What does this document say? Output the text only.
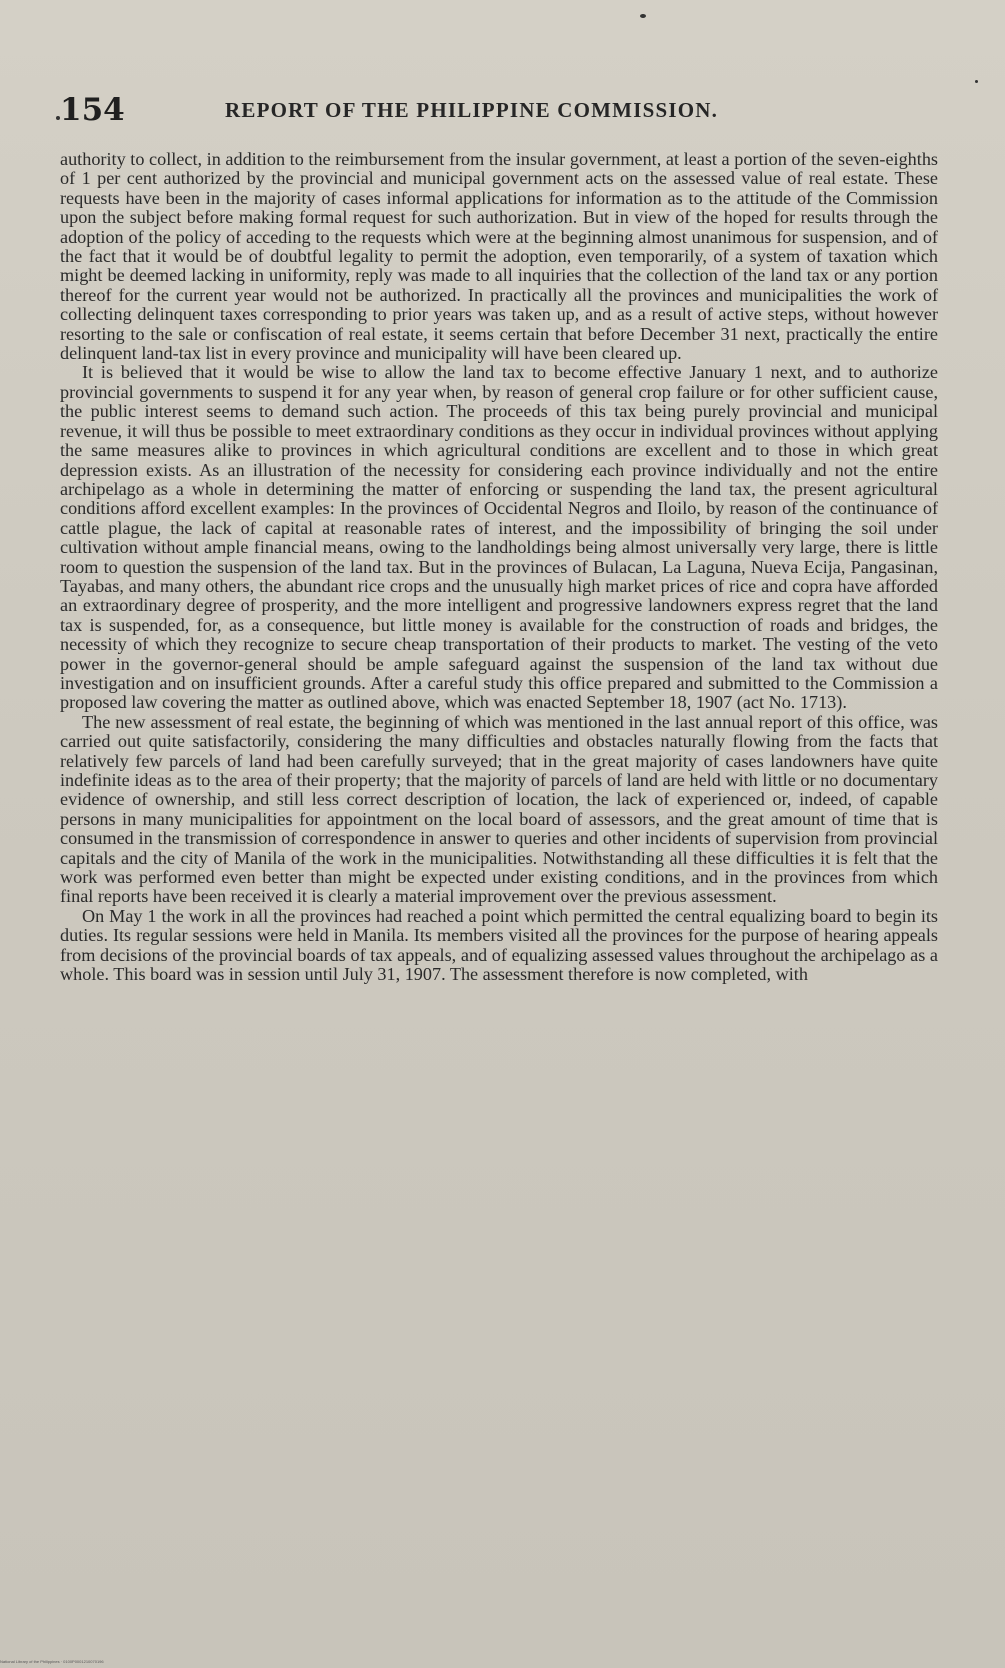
154	REPORT OF THE PHILIPPINE COMMISSION.

authority to collect, in addition to the reimbursement from the insular government, at least a portion of the seven-eighths of 1 per cent authorized by the provincial and municipal government acts on the assessed value of real estate. These requests have been in the majority of cases informal applications for information as to the attitude of the Commission upon the subject before making formal request for such authorization. But in view of the hoped for results through the adoption of the policy of acceding to the requests which were at the beginning almost unanimous for suspension, and of the fact that it would be of doubtful legality to permit the adoption, even temporarily, of a system of taxation which might be deemed lacking in uniformity, reply was made to all inquiries that the collection of the land tax or any portion thereof for the current year would not be authorized. In practically all the provinces and municipalities the work of collecting delinquent taxes corresponding to prior years was taken up, and as a result of active steps, without however resorting to the sale or confiscation of real estate, it seems certain that before December 31 next, practically the entire delinquent land-tax list in every province and municipality will have been cleared up.

It is believed that it would be wise to allow the land tax to become effective January 1 next, and to authorize provincial governments to suspend it for any year when, by reason of general crop failure or for other sufficient cause, the public interest seems to demand such action. The proceeds of this tax being purely provincial and municipal revenue, it will thus be possible to meet extraordinary conditions as they occur in individual provinces without applying the same measures alike to provinces in which agricultural conditions are excellent and to those in which great depression exists. As an illustration of the necessity for considering each province individually and not the entire archipelago as a whole in determining the matter of enforcing or suspending the land tax, the present agricultural conditions afford excellent examples: In the provinces of Occidental Negros and Iloilo, by reason of the continuance of cattle plague, the lack of capital at reasonable rates of interest, and the impossibility of bringing the soil under cultivation without ample financial means, owing to the landholdings being almost universally very large, there is little room to question the suspension of the land tax. But in the provinces of Bulacan, La Laguna, Nueva Ecija, Pangasinan, Tayabas, and many others, the abundant rice crops and the unusually high market prices of rice and copra have afforded an extraordinary degree of prosperity, and the more intelligent and progressive landowners express regret that the land tax is suspended, for, as a consequence, but little money is available for the construction of roads and bridges, the necessity of which they recognize to secure cheap transportation of their products to market. The vesting of the veto power in the governor-general should be ample safeguard against the suspension of the land tax without due investigation and on insufficient grounds. After a careful study this office prepared and submitted to the Commission a proposed law covering the matter as outlined above, which was enacted September 18, 1907 (act No. 1713).

The new assessment of real estate, the beginning of which was mentioned in the last annual report of this office, was carried out quite satisfactorily, considering the many difficulties and obstacles naturally flowing from the facts that relatively few parcels of land had been carefully surveyed; that in the great majority of cases landowners have quite indefinite ideas as to the area of their property; that the majority of parcels of land are held with little or no documentary evidence of ownership, and still less correct description of location, the lack of experienced or, indeed, of capable persons in many municipalities for appointment on the local board of assessors, and the great amount of time that is consumed in the transmission of correspondence in answer to queries and other incidents of supervision from provincial capitals and the city of Manila of the work in the municipalities. Notwithstanding all these difficulties it is felt that the work was performed even better than might be expected under existing conditions, and in the provinces from which final reports have been received it is clearly a material improvement over the previous assessment.

On May 1 the work in all the provinces had reached a point which permitted the central equalizing board to begin its duties. Its regular sessions were held in Manila. Its members visited all the provinces for the purpose of hearing appeals from decisions of the provincial boards of tax appeals, and of equalizing assessed values throughout the archipelago as a whole. This board was in session until July 31, 1907. The assessment therefore is now completed, with

National Library of the Philippines · 0100P0001210070196
